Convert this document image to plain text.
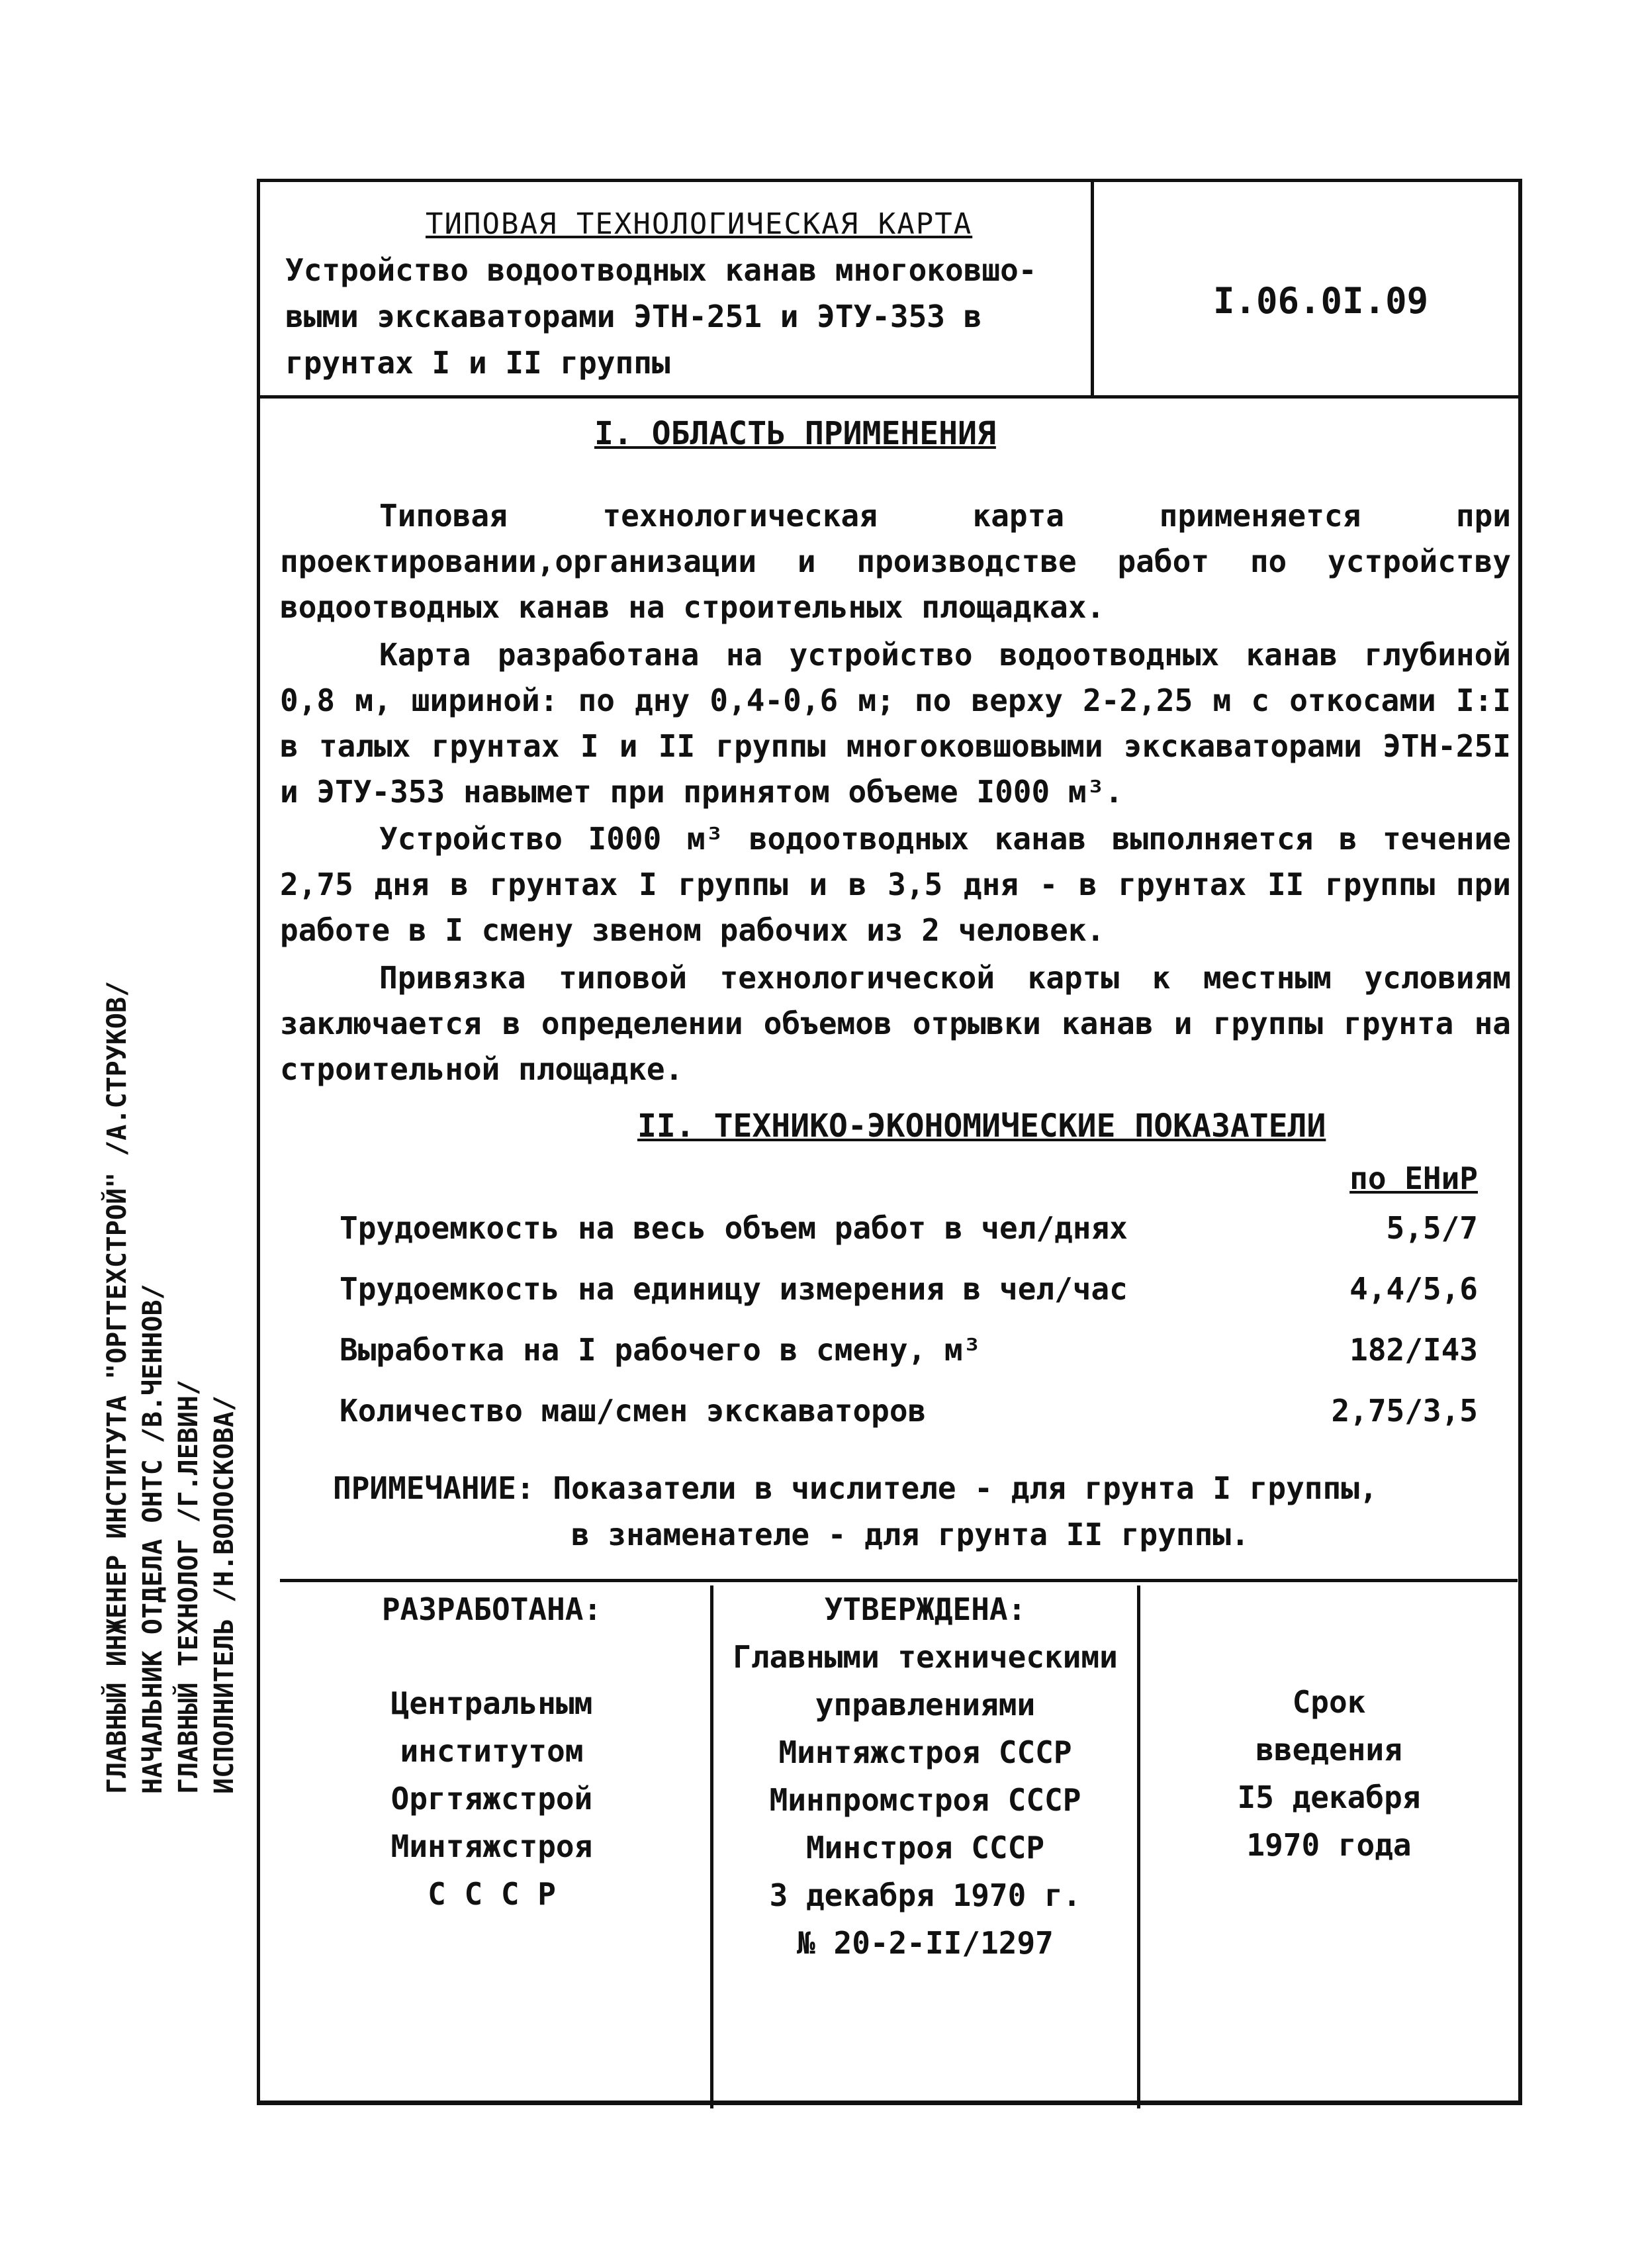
ГЛАВНЫЙ ИНЖЕНЕР ИНСТИТУТА "ОРГТЕХСТРОЙ" /А.СТРУКОВ/ НАЧАЛЬНИК ОТДЕЛА ОНТС /В.ЧЕННОВ/ ГЛАВНЫЙ ТЕХНОЛОГ /Г.ЛЕВИН/ ИСПОЛНИТЕЛЬ /Н.ВОЛОСКОВА/
ТИПОВАЯ ТЕХНОЛОГИЧЕСКАЯ КАРТА
Устройство водоотводных канав многоковшо-
выми экскаваторами ЭТН-251 и ЭТУ-353 в
грунтах I и II группы
I.06.0I.09
I. ОБЛАСТЬ ПРИМЕНЕНИЯ
Типовая технологическая карта применяется при проектировании,организации и производстве работ по устройству водоотводных канав на строительных площадках.
Карта разработана на устройство водоотводных канав глубиной 0,8 м, шириной: по дну 0,4-0,6 м; по верху 2-2,25 м с откосами I:I в талых грунтах I и II группы многоковшовыми экскаваторами ЭТН-25I и ЭТУ-353 навымет при принятом объеме I000 м³.
Устройство I000 м³ водоотводных канав выполняется в течение 2,75 дня в грунтах I группы и в 3,5 дня - в грунтах II группы при работе в I смену звеном рабочих из 2 человек.
Привязка типовой технологической карты к местным условиям заключается в определении объемов отрывки канав и группы грунта на строительной площадке.
II. ТЕХНИКО-ЭКОНОМИЧЕСКИЕ ПОКАЗАТЕЛИ
по ЕНиР
Трудоемкость на весь объем работ в чел/днях	5,5/7
Трудоемкость на единицу измерения в чел/час	4,4/5,6
Выработка на I рабочего в смену, м³	182/I43
Количество маш/смен экскаваторов	2,75/3,5
ПРИМЕЧАНИЕ: Показатели в числителе - для грунта I группы,
в знаменателе - для грунта II группы.
РАЗРАБОТАНА:
Центральным
институтом
Оргтяжстрой
Минтяжстроя
С С С Р
УТВЕРЖДЕНА:
Главными техническими
управлениями
Минтяжстроя СССР
Минпромстроя СССР
Минстроя СССР
3 декабря 1970 г.
№ 20-2-II/1297
Срок
введения
I5 декабря
1970 года
